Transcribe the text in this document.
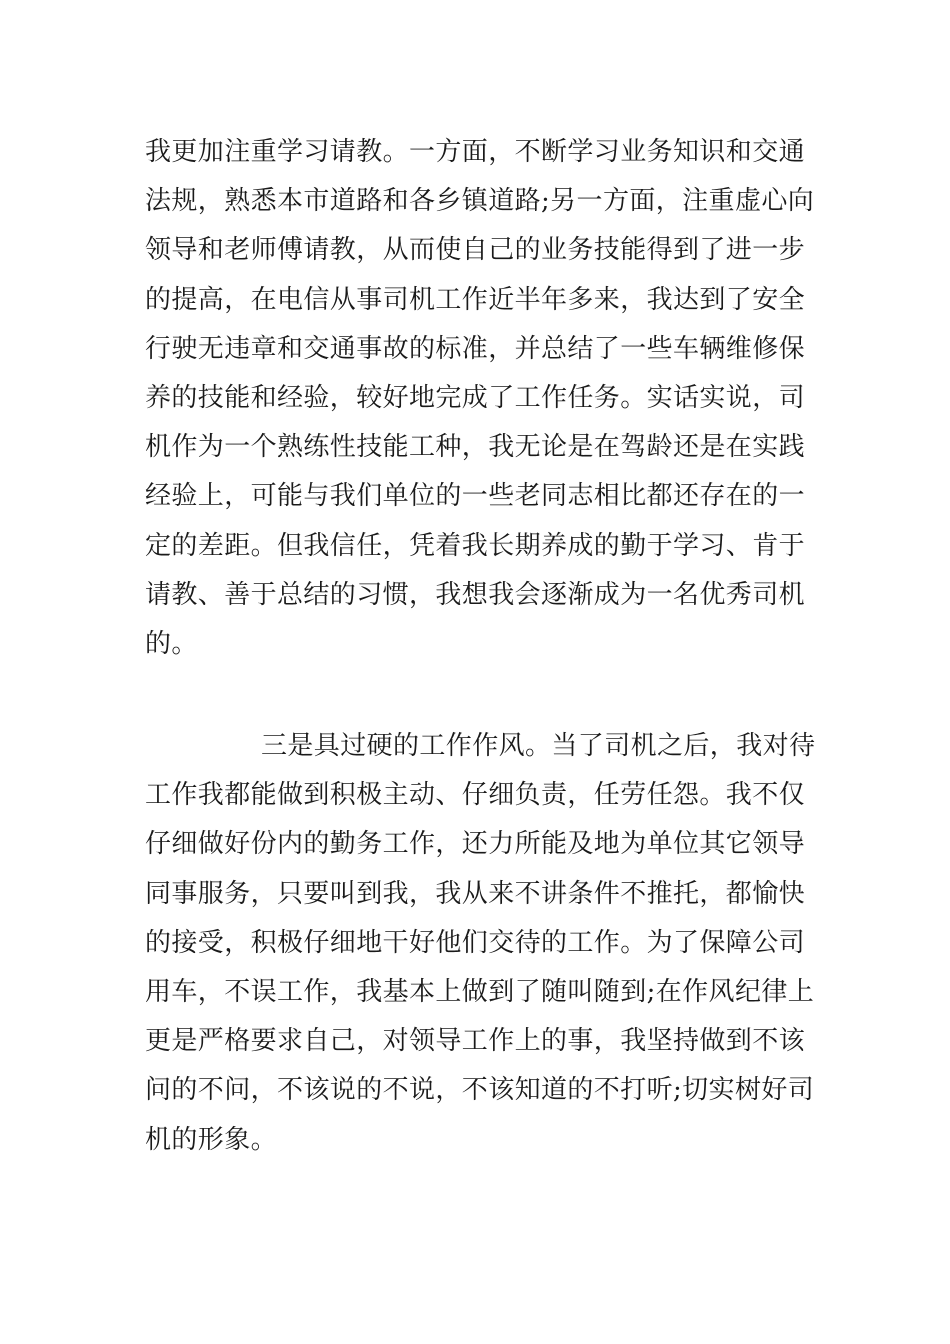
我更加注重学习请教。一方面，不断学习业务知识和交通
法规，熟悉本市道路和各乡镇道路;另一方面，注重虚心向
领导和老师傅请教，从而使自己的业务技能得到了进一步
的提高，在电信从事司机工作近半年多来，我达到了安全
行驶无违章和交通事故的标准，并总结了一些车辆维修保
养的技能和经验，较好地完成了工作任务。实话实说，司
机作为一个熟练性技能工种，我无论是在驾龄还是在实践
经验上，可能与我们单位的一些老同志相比都还存在的一
定的差距。但我信任，凭着我长期养成的勤于学习、肯于
请教、善于总结的习惯，我想我会逐渐成为一名优秀司机
的。

三是具过硬的工作作风。当了司机之后，我对待
工作我都能做到积极主动、仔细负责，任劳任怨。我不仅
仔细做好份内的勤务工作，还力所能及地为单位其它领导
同事服务，只要叫到我，我从来不讲条件不推托，都愉快
的接受，积极仔细地干好他们交待的工作。为了保障公司
用车，不误工作，我基本上做到了随叫随到;在作风纪律上
更是严格要求自己，对领导工作上的事，我坚持做到不该
问的不问，不该说的不说，不该知道的不打听;切实树好司
机的形象。
